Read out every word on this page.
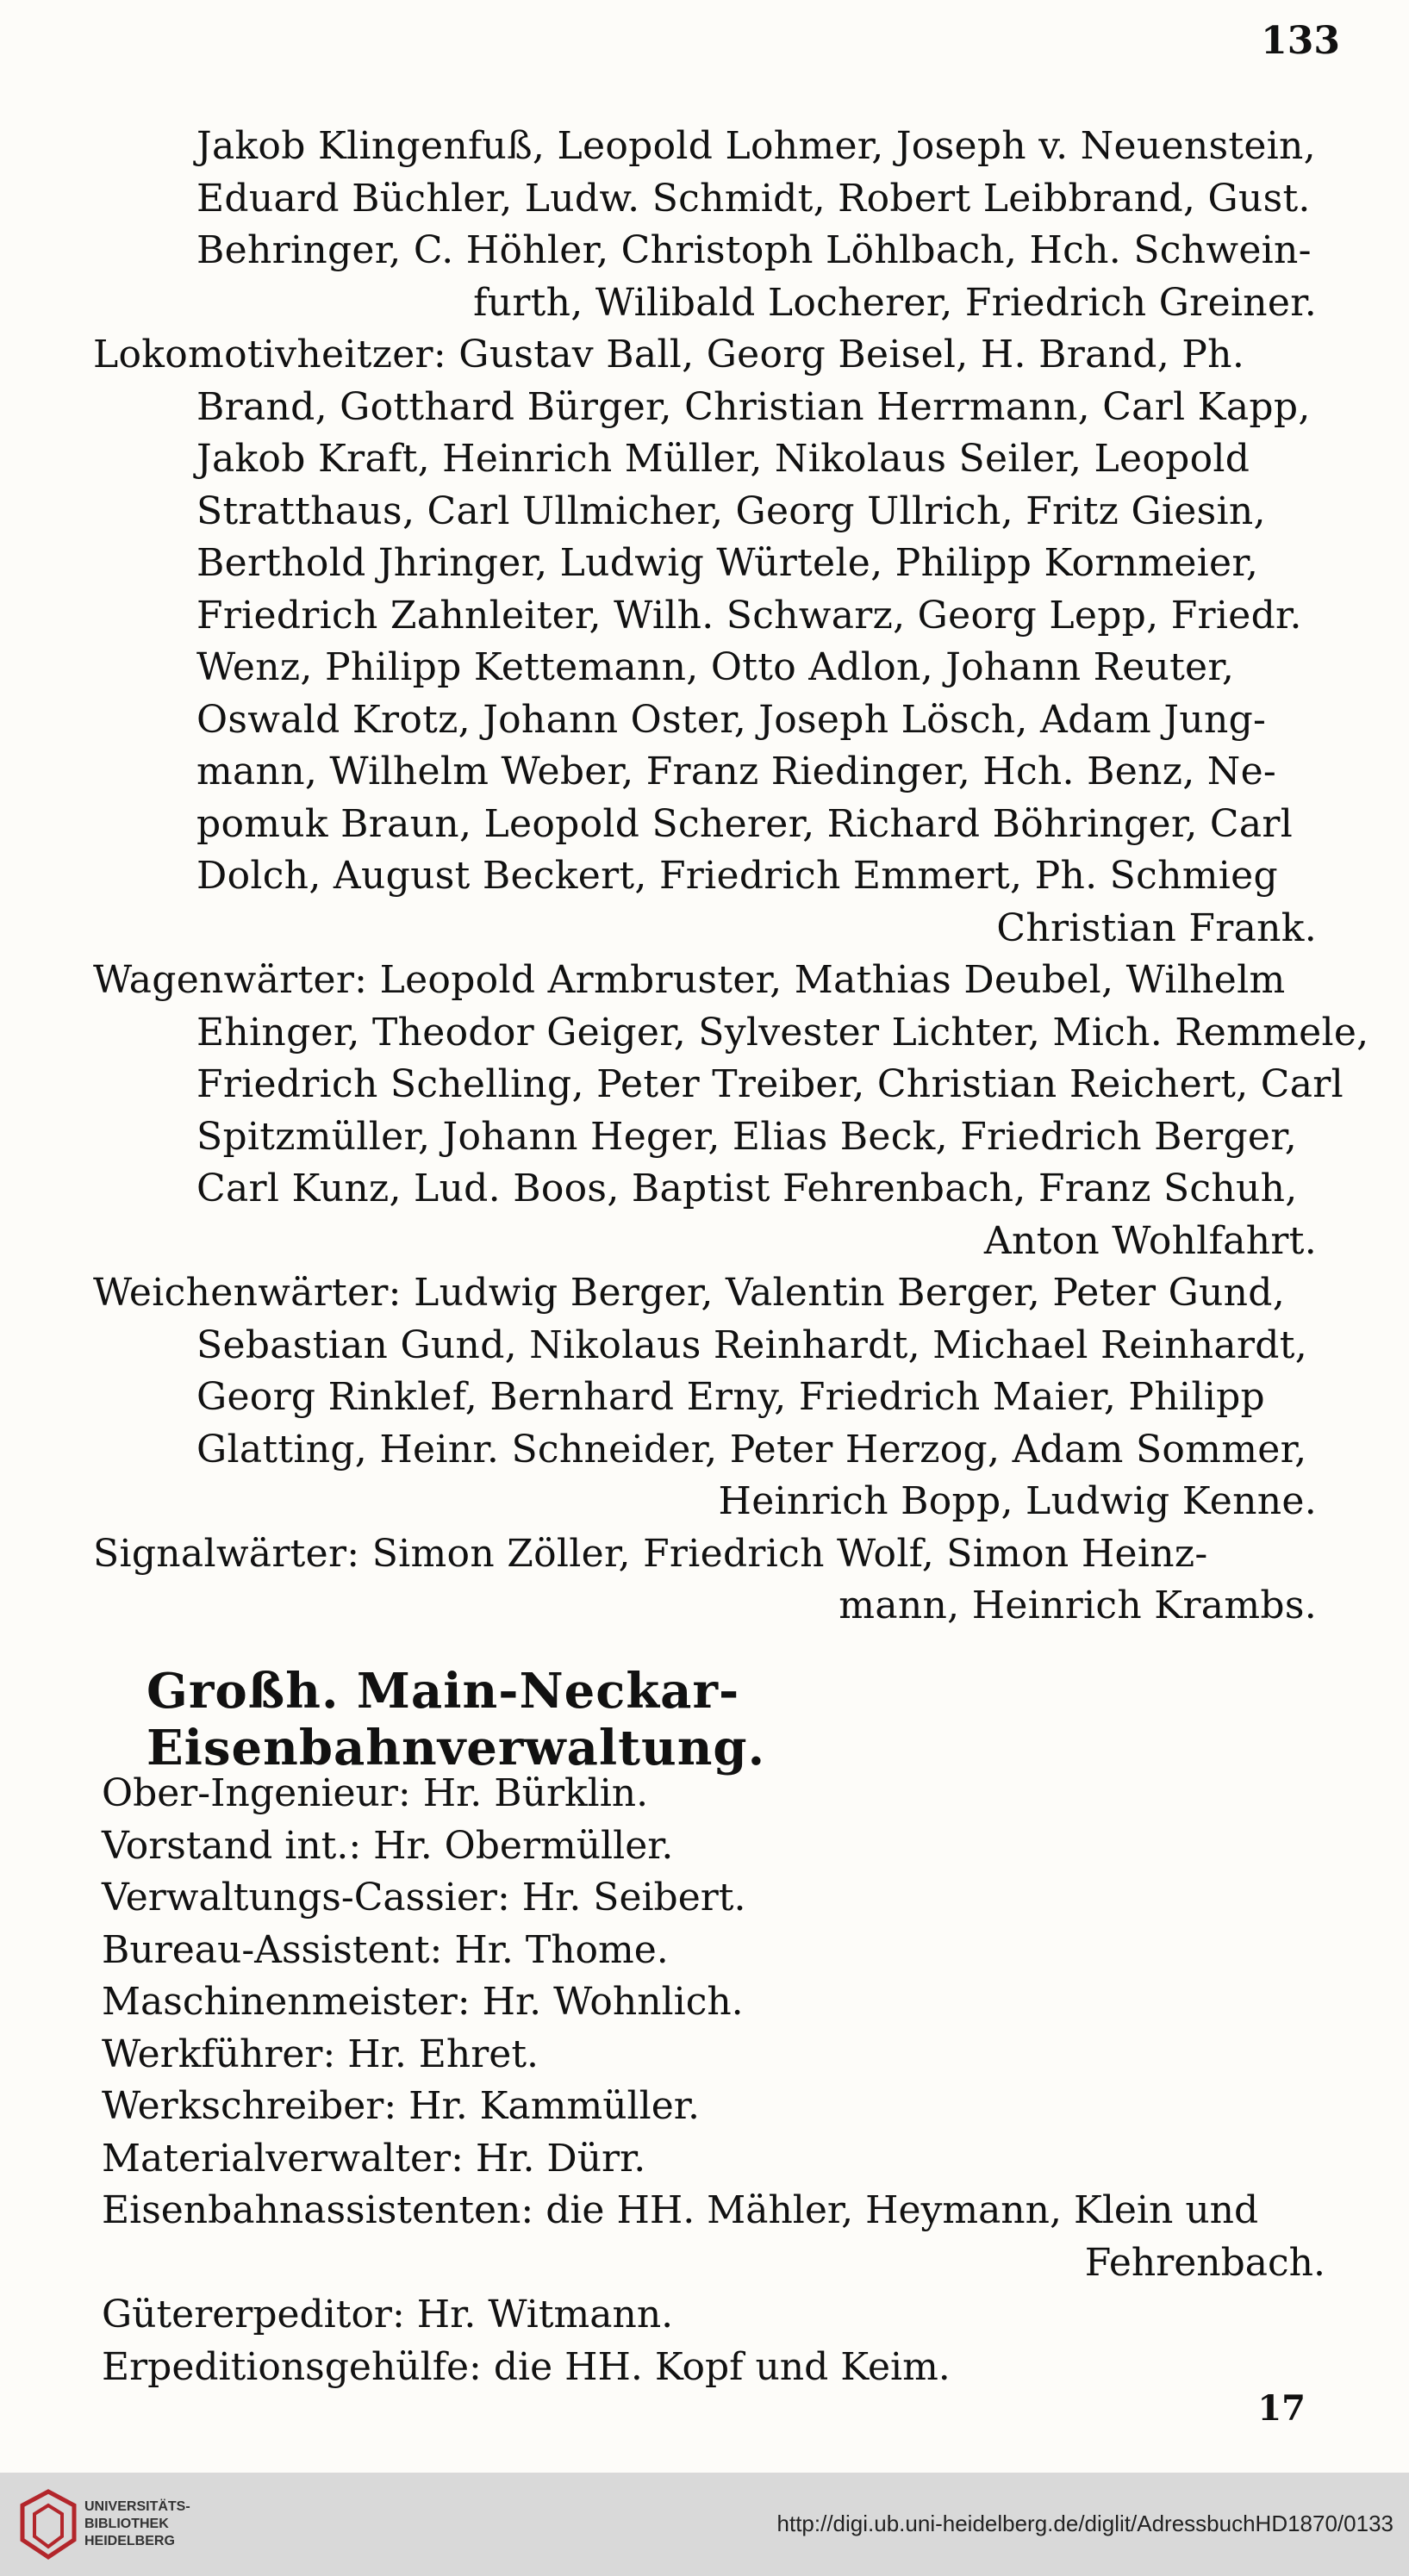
133
Jakob Klingenfuß, Leopold Lohmer, Joseph v. Neuenstein,
Eduard Büchler, Ludw. Schmidt, Robert Leibbrand, Gust.
Behringer, C. Höhler, Christoph Löhlbach, Hch. Schwein-
furth, Wilibald Locherer, Friedrich Greiner.
Lokomotivheitzer: Gustav Ball, Georg Beisel, H. Brand, Ph.
Brand, Gotthard Bürger, Christian Herrmann, Carl Kapp,
Jakob Kraft, Heinrich Müller, Nikolaus Seiler, Leopold
Stratthaus, Carl Ullmicher, Georg Ullrich, Fritz Giesin,
Berthold Jhringer, Ludwig Würtele, Philipp Kornmeier,
Friedrich Zahnleiter, Wilh. Schwarz, Georg Lepp, Friedr.
Wenz, Philipp Kettemann, Otto Adlon, Johann Reuter,
Oswald Krotz, Johann Oster, Joseph Lösch, Adam Jung-
mann, Wilhelm Weber, Franz Riedinger, Hch. Benz, Ne-
pomuk Braun, Leopold Scherer, Richard Böhringer, Carl
Dolch, August Beckert, Friedrich Emmert, Ph. Schmieg
Christian Frank.
Wagenwärter: Leopold Armbruster, Mathias Deubel, Wilhelm
Ehinger, Theodor Geiger, Sylvester Lichter, Mich. Remmele,
Friedrich Schelling, Peter Treiber, Christian Reichert, Carl
Spitzmüller, Johann Heger, Elias Beck, Friedrich Berger,
Carl Kunz, Lud. Boos, Baptist Fehrenbach, Franz Schuh,
Anton Wohlfahrt.
Weichenwärter: Ludwig Berger, Valentin Berger, Peter Gund,
Sebastian Gund, Nikolaus Reinhardt, Michael Reinhardt,
Georg Rinklef, Bernhard Erny, Friedrich Maier, Philipp
Glatting, Heinr. Schneider, Peter Herzog, Adam Sommer,
Heinrich Bopp, Ludwig Kenne.
Signalwärter: Simon Zöller, Friedrich Wolf, Simon Heinz-
mann, Heinrich Krambs.
Großh. Main-Neckar-Eisenbahnverwaltung.
Ober-Ingenieur: Hr. Bürklin.
Vorstand int.: Hr. Obermüller.
Verwaltungs-Cassier: Hr. Seibert.
Bureau-Assistent: Hr. Thome.
Maschinenmeister: Hr. Wohnlich.
Werkführer: Hr. Ehret.
Werkschreiber: Hr. Kammüller.
Materialverwalter: Hr. Dürr.
Eisenbahnassistenten: die HH. Mähler, Heymann, Klein und
Fehrenbach.
Gütererpeditor: Hr. Witmann.
Erpeditionsgehülfe: die HH. Kopf und Keim.
17
UNIVERSITÄTS-
BIBLIOTHEK
HEIDELBERG
http://digi.ub.uni-heidelberg.de/diglit/AdressbuchHD1870/0133
